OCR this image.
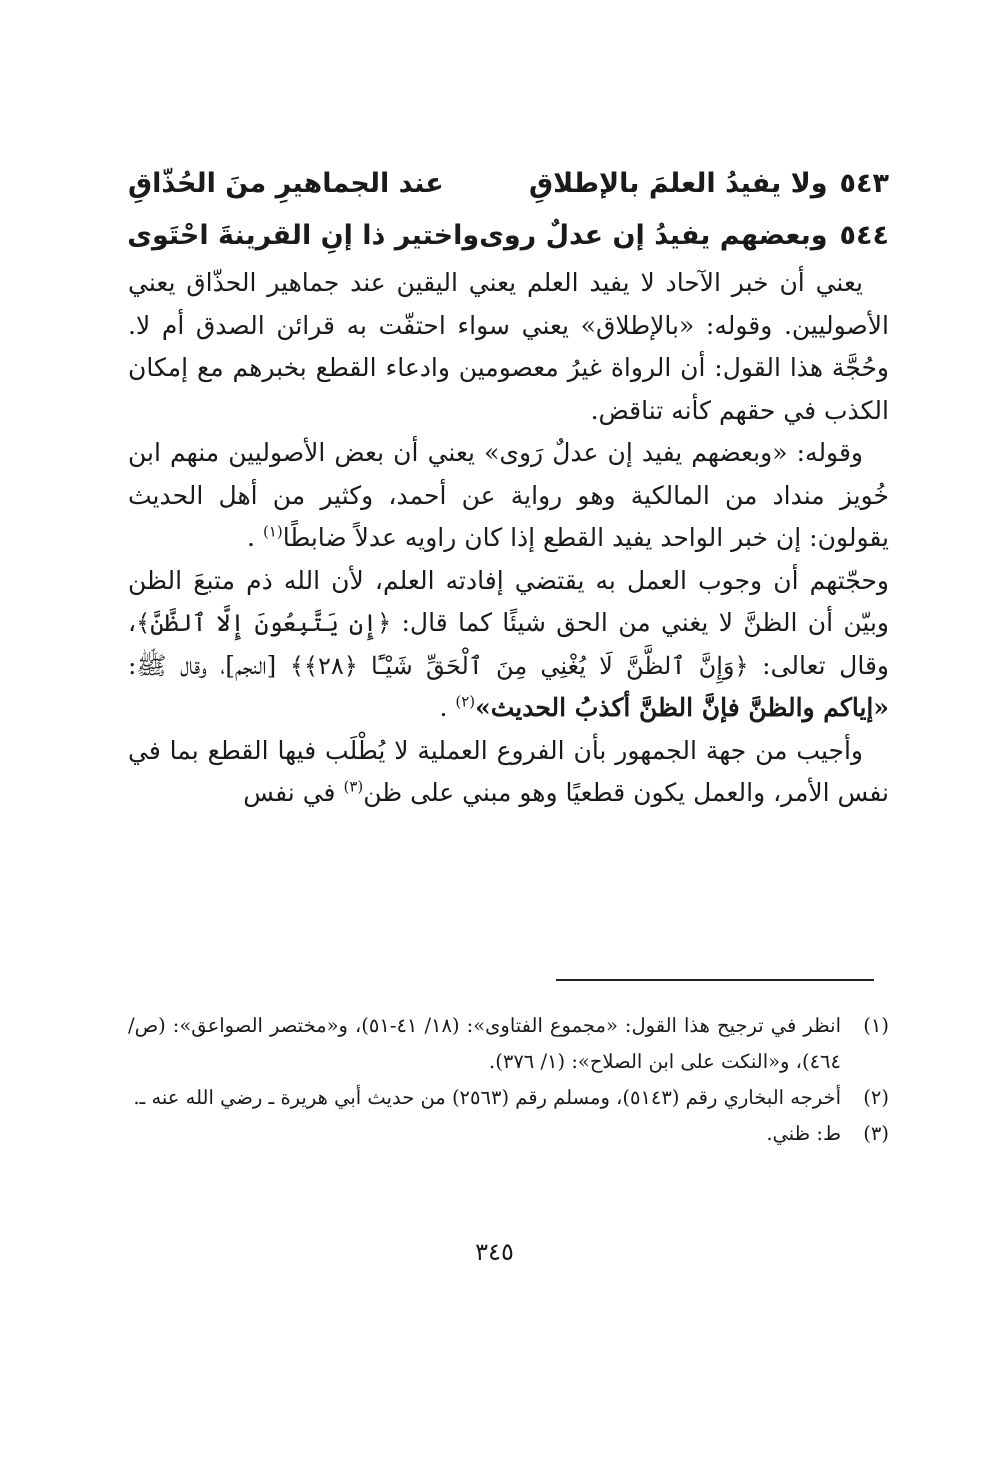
٥٤٣
ولا يفيدُ العلمَ بالإطلاقِ
عند الجماهيرِ منَ الحُذّاقِ
٥٤٤
وبعضهم يفيدُ إن عدلٌ روى
واختير ذا إنِ القرينةَ احْتَوى

يعني أن خبر الآحاد لا يفيد العلم يعني اليقين عند جماهير الحذّاق يعني الأصوليين. وقوله: «بالإطلاق» يعني سواء احتفّت به قرائن الصدق أم لا. وحُجَّة هذا القول: أن الرواة غيرُ معصومين وادعاء القطع بخبرهم مع إمكان الكذب في حقهم كأنه تناقض.

وقوله: «وبعضهم يفيد إن عدلٌ رَوى» يعني أن بعض الأصوليين منهم ابن خُويز منداد من المالكية وهو رواية عن أحمد، وكثير من أهل الحديث يقولون: إن خبر الواحد يفيد القطع إذا كان راويه عدلاً ضابطًا$^{(١)}$ .

وحجّتهم أن وجوب العمل به يقتضي إفادته العلم، لأن الله ذم متبعَ الظن وبيّن أن الظنَّ لا يغني من الحق شيئًا كما قال: ﴿إِن يَتَّبِعُونَ إِلَّا ٱلظَّنَّ﴾، وقال تعالى: ﴿وَإِنَّ ٱلظَّنَّ لَا يُغْنِي مِنَ ٱلْحَقِّ شَيْـًٔا ﴿٢٨﴾﴾ [النجم]، وقال ﷺ: «إياكم والظنَّ فإنَّ الظنَّ أكذبُ الحديث»$^{(٢)}$ .

وأجيب من جهة الجمهور بأن الفروع العملية لا يُطْلَب فيها القطع بما في نفس الأمر، والعمل يكون قطعيًا وهو مبني على ظن$^{(٣)}$ في نفس

(١)
انظر في ترجيح هذا القول: «مجموع الفتاوى»: (١٨/ ٤١-٥١)، و«مختصر الصواعق»: (ص/ ٤٦٤)، و«النكت على ابن الصلاح»: (١/ ٣٧٦).
(٢)
أخرجه البخاري رقم (٥١٤٣)، ومسلم رقم (٢٥٦٣) من حديث أبي هريرة ـ رضي الله عنه ـ.
(٣)
ط: ظني.
٣٤٥
